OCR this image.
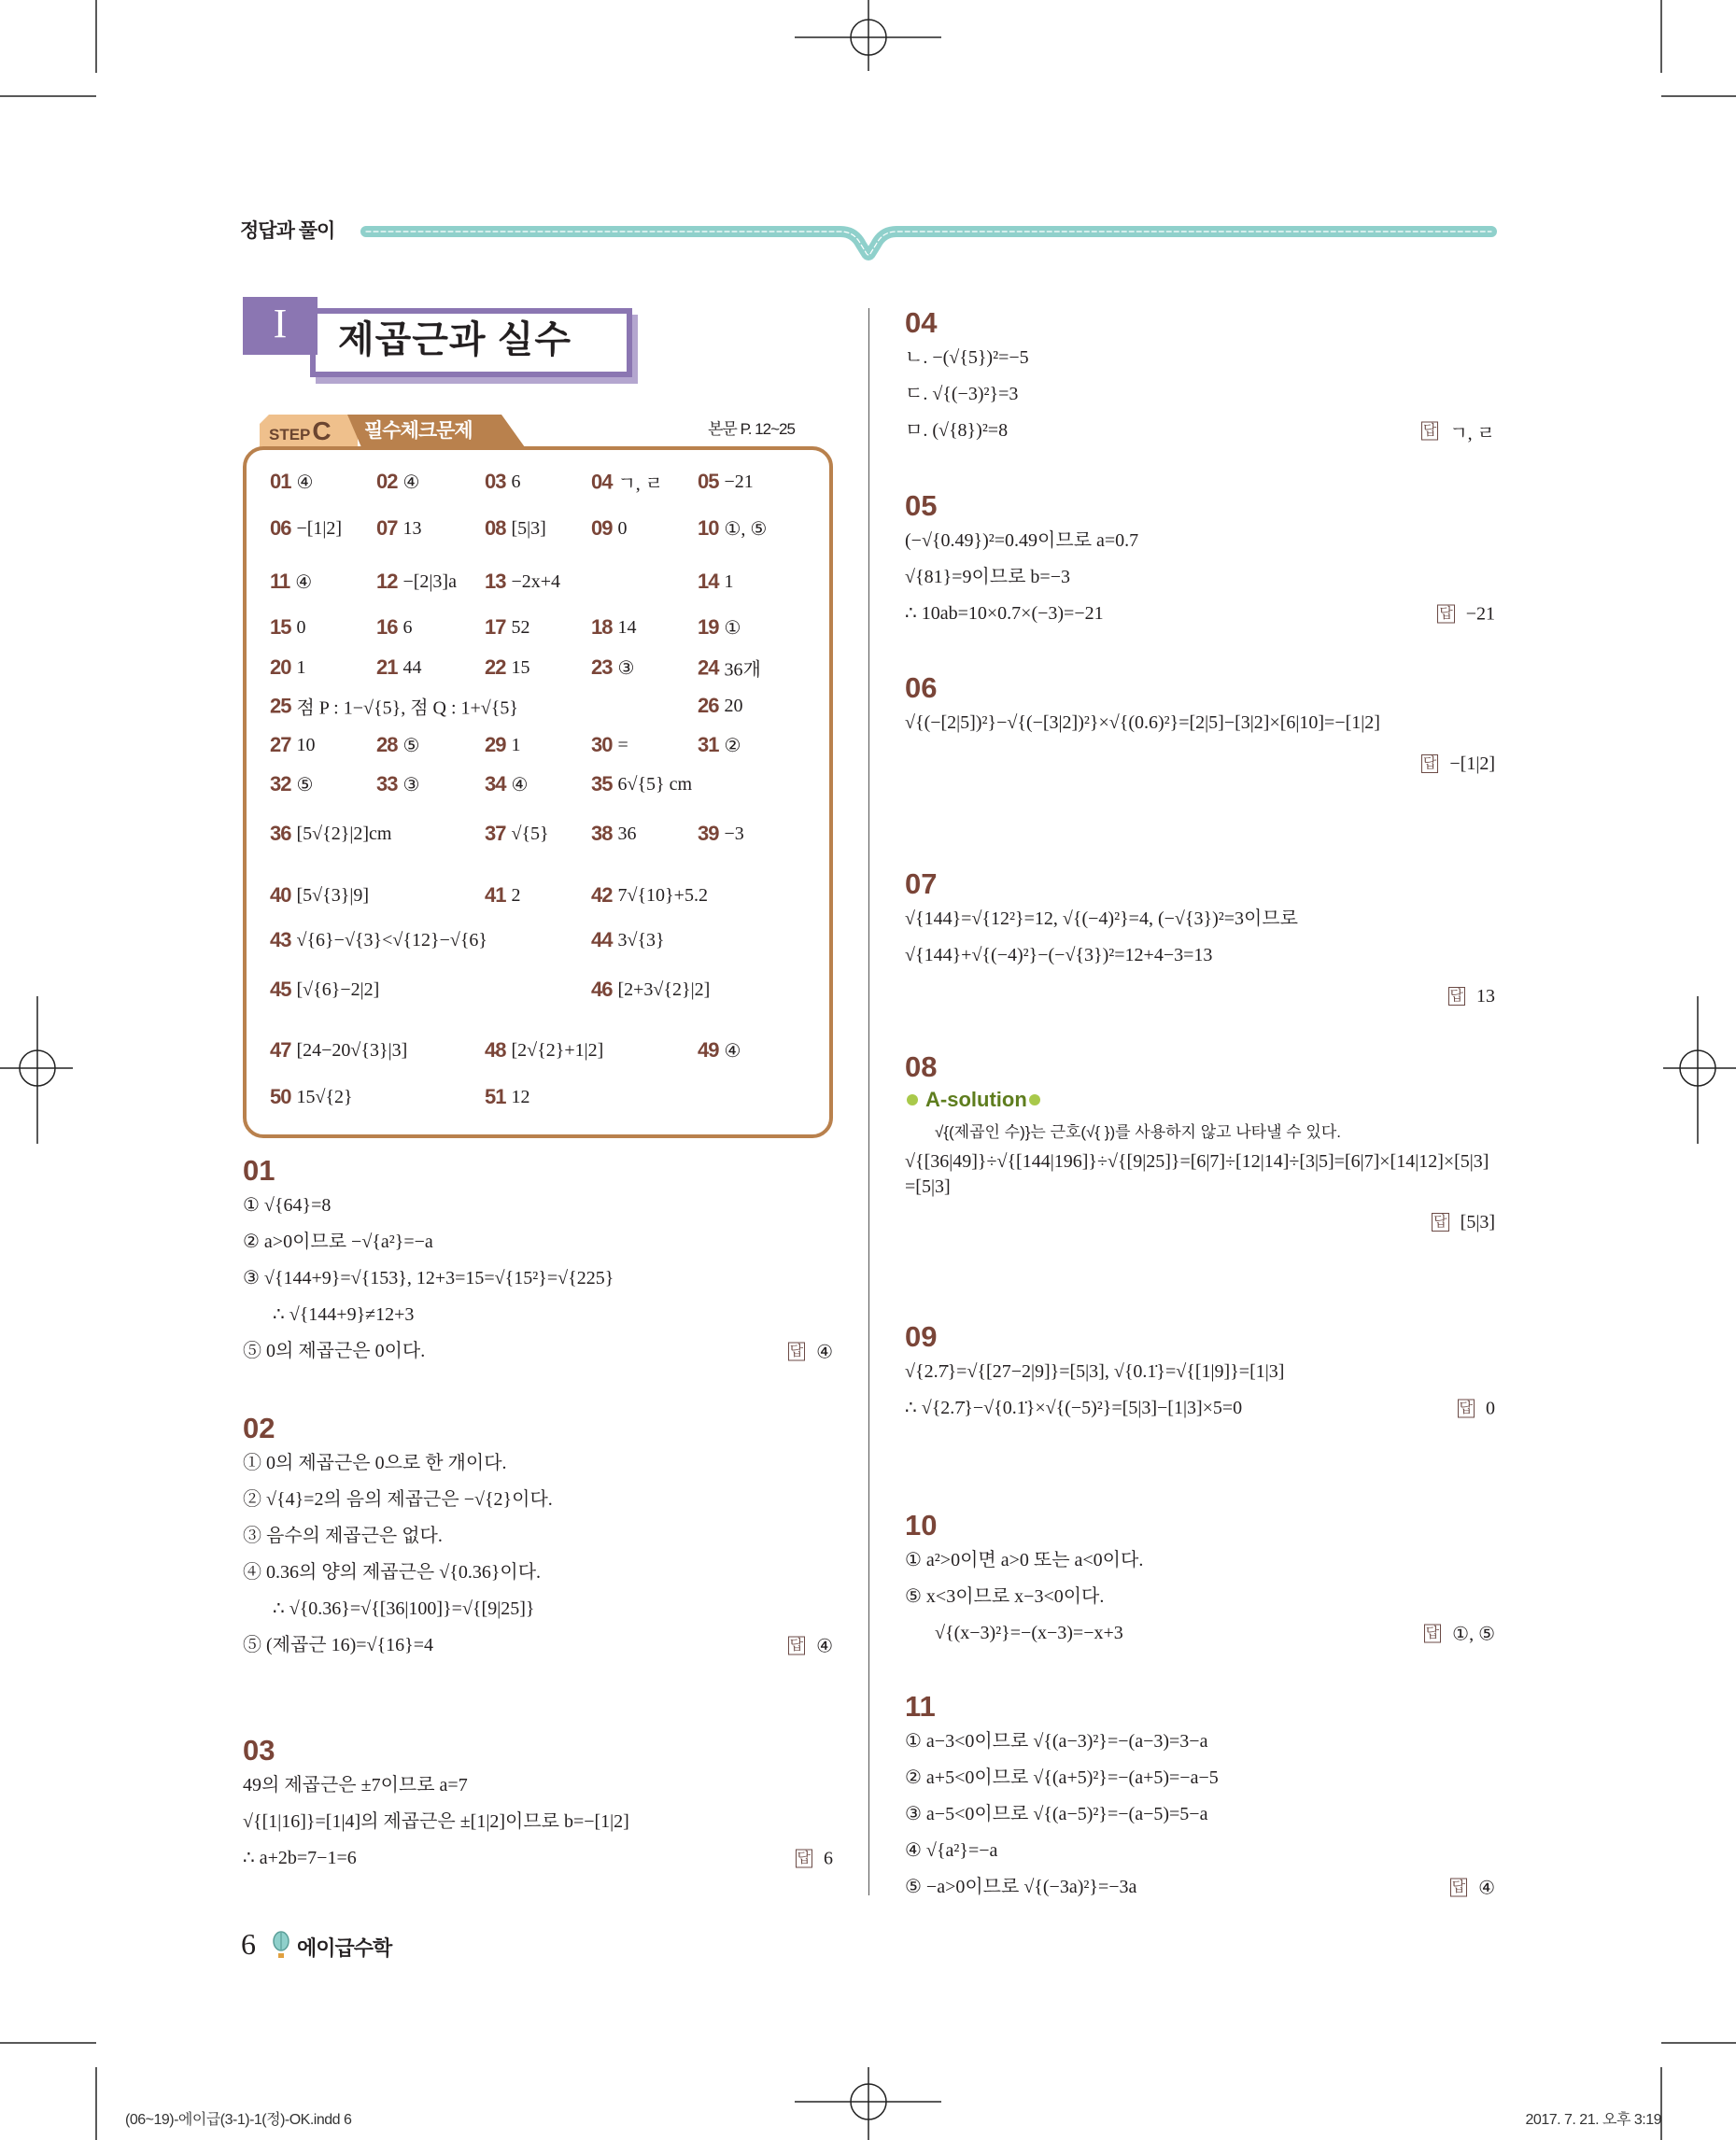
정답과 풀이
I	제곱근과 실수
STEPC 필수체크문제	본문 P. 12~25
01 ④	02 ④	03 6	04 ㄱ, ㄹ 05 −21
06 −[1|2] 07 13	08 [5|3] 09 0	10 ①, ⑤
11 ④	12 −[2|3]a 13 −2x+4	14 1
15 0	16 6	17 52	18 14	19 ①
20 1	21 44	22 15	23 ③	24 36개
25 점 P : 1−√{5}, 점 Q : 1+√{5}	26 20
27 10	28 ⑤	29 1	30 =	31 ②
32 ⑤	33 ③	34 ④	35 6√{5} cm
36 [5√{2}|2]cm	37 √{5} 38 36	39 −3
40 [5√{3}|9]	41 2	42 7√{10}+5.2
43 √{6}−√{3}<√{12}−√{6}	44 3√{3}
45 [√{6}−2|2]	46 [2+3√{2}|2]
47 [24−20√{3}|3]	48 [2√{2}+1|2]	49 ④
50 15√{2}	51 12
01
① √{64}=8
② a>0이므로 −√{a²}=−a
③ √{144+9}=√{153}, 12+3=15=√{15²}=√{225}
∴ √{144+9}≠12+3
⑤ 0의 제곱근은 0이다.	답 ④
02
① 0의 제곱근은 0으로 한 개이다.
② √{4}=2의 음의 제곱근은 −√{2}이다.
③ 음수의 제곱근은 없다.
④ 0.36의 양의 제곱근은 √{0.36}이다.
∴ √{0.36}=√{[36|100]}=√{[9|25]}
⑤ (제곱근 16)=√{16}=4	답 ④
03
49의 제곱근은 ±7이므로 a=7
√{[1|16]}=[1|4]의 제곱근은 ±[1|2]이므로 b=−[1|2]
∴ a+2b=7−1=6	답 6
04
ㄴ. −(√{5})²=−5
ㄷ. √{(−3)²}=3
ㅁ. (√{8})²=8	답 ㄱ, ㄹ
05
(−√{0.49})²=0.49이므로 a=0.7
√{81}=9이므로 b=−3
∴ 10ab=10×0.7×(−3)=−21	답 −21
06
√{(−[2|5])²}−√{(−[3|2])²}×√{(0.6)²}=[2|5]−[3|2]×[6|10]=−[1|2]
답 −[1|2]
07
√{144}=√{12²}=12, √{(−4)²}=4, (−√{3})²=3이므로
√{144}+√{(−4)²}−(−√{3})²=12+4−3=13
답 13
08
A-solution
√{(제곱인 수)}는 근호(√{ })를 사용하지 않고 나타낼 수 있다.
√{[36|49]}÷√{[144|196]}÷√{[9|25]}=[6|7]÷[12|14]÷[3|5]=[6|7]×[14|12]×[5|3]=[5|3]
답 [5|3]
09
√{2.7̇}=√{[27−2|9]}=[5|3], √{0.1̇}=√{[1|9]}=[1|3]
∴ √{2.7̇}−√{0.1̇}×√{(−5)²}=[5|3]−[1|3]×5=0	답 0
10
① a²>0이면 a>0 또는 a<0이다.
⑤ x<3이므로 x−3<0이다.
√{(x−3)²}=−(x−3)=−x+3	답 ①, ⑤
11
① a−3<0이므로 √{(a−3)²}=−(a−3)=3−a
② a+5<0이므로 √{(a+5)²}=−(a+5)=−a−5
③ a−5<0이므로 √{(a−5)²}=−(a−5)=5−a
④ √{a²}=−a
⑤ −a>0이므로 √{(−3a)²}=−3a	답 ④
6 에이급수학
(06~19)-에이급(3-1)-1(정)-OK.indd 6	2017. 7. 21. 오후 3:19
